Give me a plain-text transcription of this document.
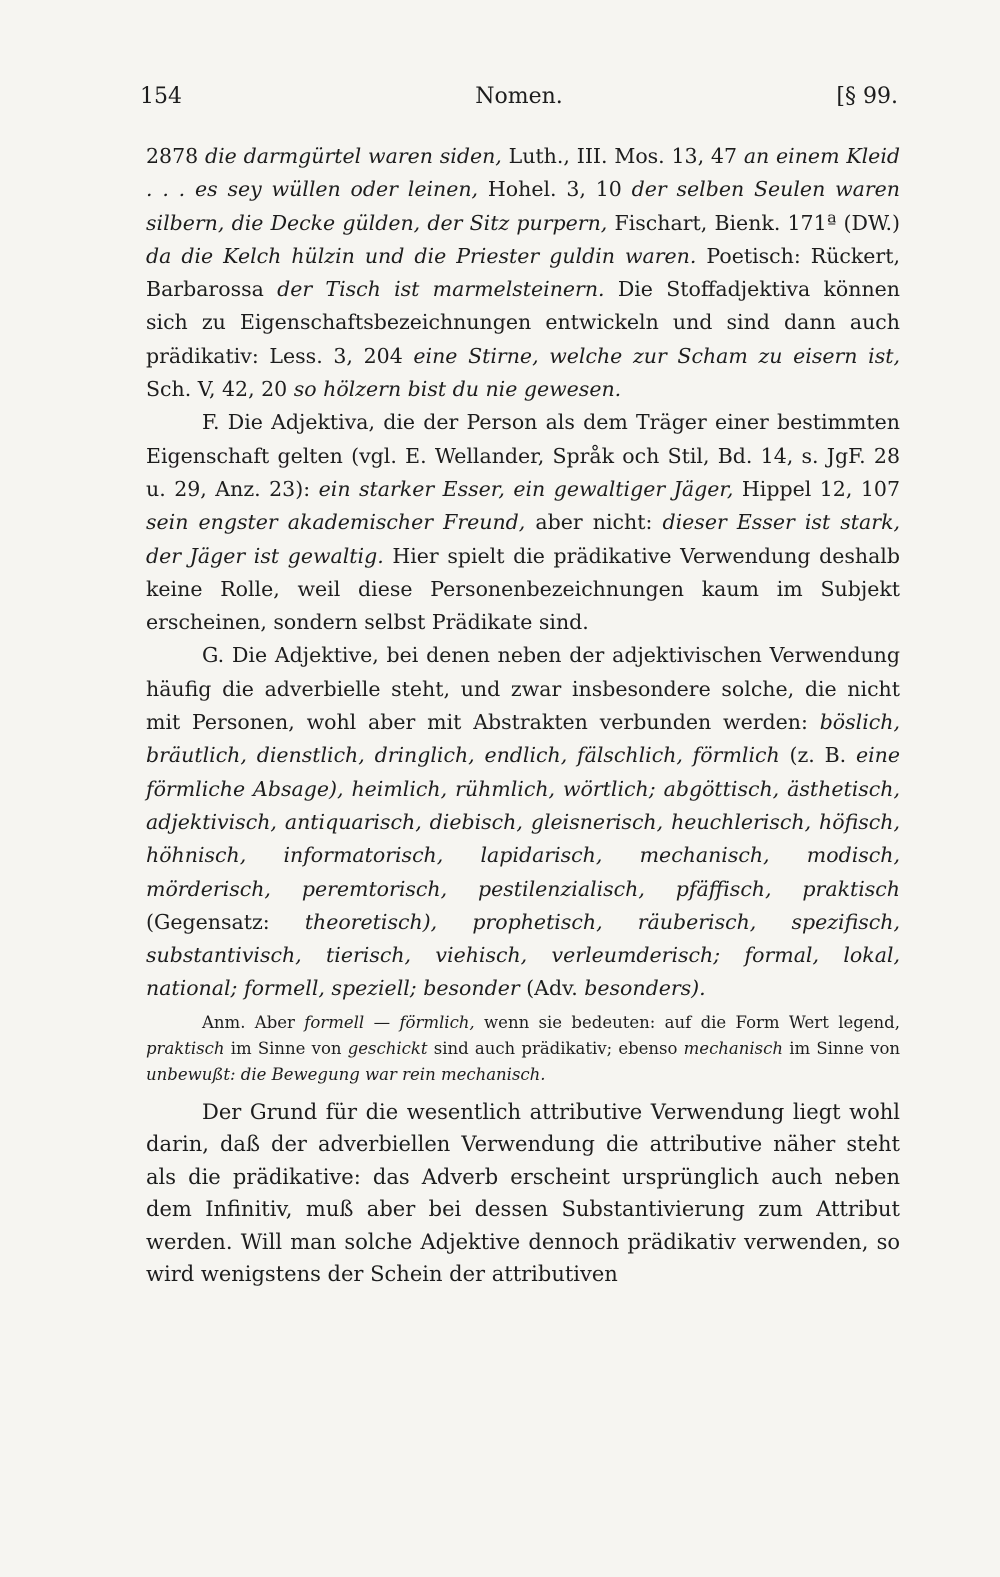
154	Nomen.	[§ 99.

2878 die darmgürtel waren siden, Luth., III. Mos. 13, 47 an einem Kleid . . . es sey wüllen oder leinen, Hohel. 3, 10 der selben Seulen waren silbern, die Decke gülden, der Sitz purpern, Fischart, Bienk. 171ª (DW.) da die Kelch hülzin und die Priester guldin waren. Poetisch: Rückert, Barbarossa der Tisch ist marmelsteinern. Die Stoffadjektiva können sich zu Eigenschaftsbezeichnungen entwickeln und sind dann auch prädikativ: Less. 3, 204 eine Stirne, welche zur Scham zu eisern ist, Sch. V, 42, 20 so hölzern bist du nie gewesen.

F. Die Adjektiva, die der Person als dem Träger einer bestimmten Eigenschaft gelten (vgl. E. Wellander, Språk och Stil, Bd. 14, s. JgF. 28 u. 29, Anz. 23): ein starker Esser, ein gewaltiger Jäger, Hippel 12, 107 sein engster akademischer Freund, aber nicht: dieser Esser ist stark, der Jäger ist gewaltig. Hier spielt die prädikative Verwendung deshalb keine Rolle, weil diese Personenbezeichnungen kaum im Subjekt erscheinen, sondern selbst Prädikate sind.

G. Die Adjektive, bei denen neben der adjektivischen Verwendung häufig die adverbielle steht, und zwar insbesondere solche, die nicht mit Personen, wohl aber mit Abstrakten verbunden werden: böslich, bräutlich, dienstlich, dringlich, endlich, fälschlich, förmlich (z. B. eine förmliche Absage), heimlich, rühmlich, wörtlich; abgöttisch, ästhetisch, adjektivisch, antiquarisch, diebisch, gleisnerisch, heuchlerisch, höfisch, höhnisch, informatorisch, lapidarisch, mechanisch, modisch, mörderisch, peremtorisch, pestilenzialisch, pfäffisch, praktisch (Gegensatz: theoretisch), prophetisch, räuberisch, spezifisch, substantivisch, tierisch, viehisch, verleumderisch; formal, lokal, national; formell, speziell; besonder (Adv. besonders).

Anm. Aber formell — förmlich, wenn sie bedeuten: auf die Form Wert legend, praktisch im Sinne von geschickt sind auch prädikativ; ebenso mechanisch im Sinne von unbewußt: die Bewegung war rein mechanisch.

Der Grund für die wesentlich attributive Verwendung liegt wohl darin, daß der adverbiellen Verwendung die attributive näher steht als die prädikative: das Adverb erscheint ursprünglich auch neben dem Infinitiv, muß aber bei dessen Substantivierung zum Attribut werden. Will man solche Adjektive dennoch prädikativ verwenden, so wird wenigstens der Schein der attributiven
